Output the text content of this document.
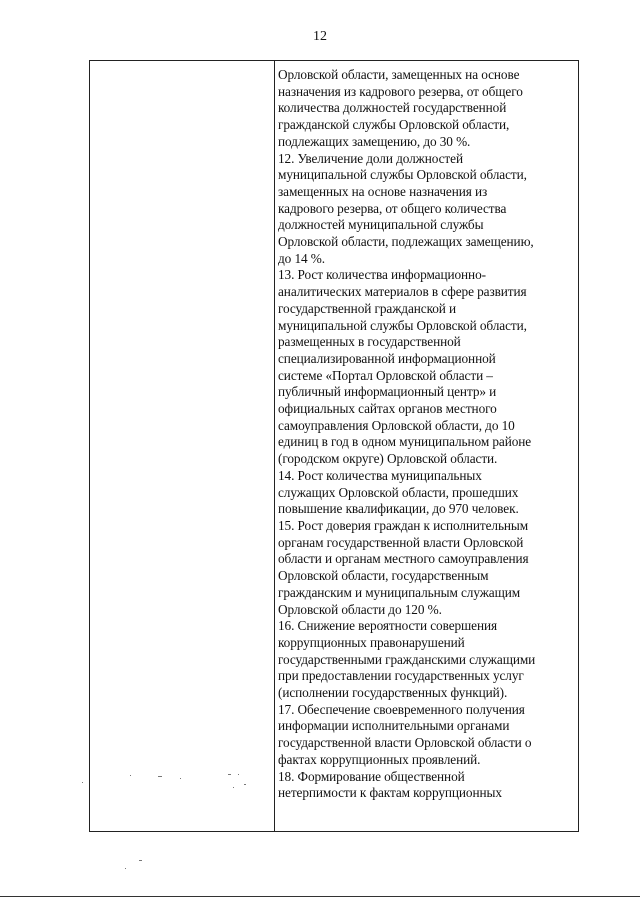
12

Орловской области, замещенных на основе

назначения из кадрового резерва, от общего

количества должностей государственной

гражданской службы Орловской области,

подлежащих замещению, до 30 %.

12. Увеличение доли должностей

муниципальной службы Орловской области,

замещенных на основе назначения из

кадрового резерва, от общего количества

должностей муниципальной службы

Орловской области, подлежащих замещению,

до 14 %.

13. Рост количества информационно-

аналитических материалов в сфере развития

государственной гражданской и

муниципальной службы Орловской области,

размещенных в государственной

специализированной информационной

системе «Портал Орловской области –

публичный информационный центр» и

официальных сайтах органов местного

самоуправления Орловской области, до 10

единиц в год в одном муниципальном районе

(городском округе) Орловской области.

14. Рост количества муниципальных

служащих Орловской области, прошедших

повышение квалификации, до 970 человек.

15. Рост доверия граждан к исполнительным

органам государственной власти Орловской

области и органам местного самоуправления

Орловской области, государственным

гражданским и муниципальным служащим

Орловской области до 120 %.

16. Снижение вероятности совершения

коррупционных правонарушений

государственными гражданскими служащими

при предоставлении государственных услуг

(исполнении государственных функций).

17. Обеспечение своевременного получения

информации исполнительными органами

государственной власти Орловской области о

фактах коррупционных проявлений.

18. Формирование общественной

нетерпимости к фактам коррупционных
